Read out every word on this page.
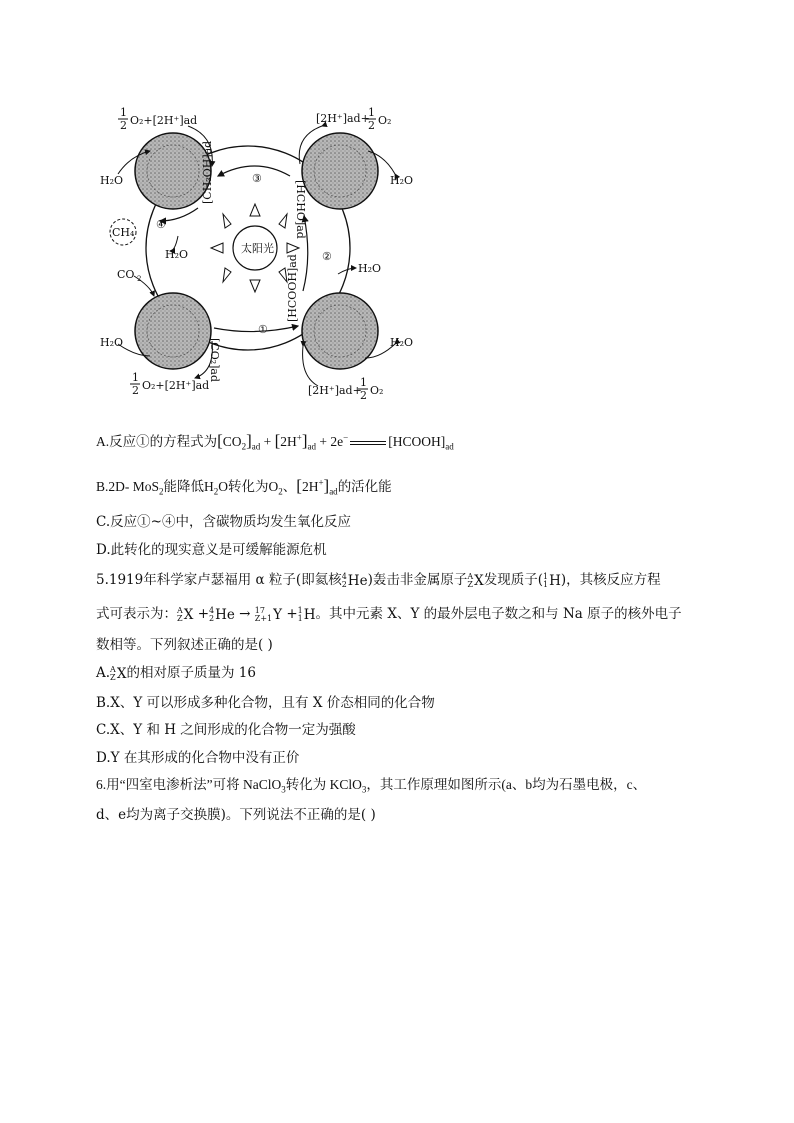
太阳光
①
②
③
④
[CO₂]ad
[HCOOH]ad
[HCHO]ad
[CH₃OH]ad
CH₄
H₂O	H₂O
H₂O
H₂O
H₂O	H₂O
CO 2
1
2 O₂+[2H⁺]ad	[2H⁺]ad+
1
2 O₂
1
2 O₂+[2H⁺]ad	[2H⁺]ad+
1
2 O₂
A.反应①的方程式为$[CO_2]_{ad} + [2H^+]_{ad} + 2e^-$	$[HCOOH]_{ad}$
B.2D- MoS$_2$能降低$H_2O$转化为$O_2$、$[2H^+]_{ad}$的活化能
C.反应①~④中，含碳物质均发生氧化反应
D.此转化的现实意义是可缓解能源危机
5.1919年科学家卢瑟福用 α 粒子(即氦核 4
2 He)轰击非金属原子 A
Z X发现质子( 1
1 H)，其核反应方程
式可表示为： A
Z X + 4
2 He → 17
Z+1 Y + 1
1 H。其中元素 X、Y 的最外层电子数之和与 Na 原子的核外电子
数相等。下列叙述正确的是( )
A. A
Z X的相对原子质量为 16
B.X、Y 可以形成多种化合物，且有 X 价态相同的化合物
C.X、Y 和 H 之间形成的化合物一定为强酸
D.Y 在其形成的化合物中没有正价
6.用“四室电渗析法”可将 NaClO$_3$转化为 KClO$_3$，其工作原理如图所示(a、b均为石墨电极，c、
d、e均为离子交换膜)。下列说法不正确的是( )
